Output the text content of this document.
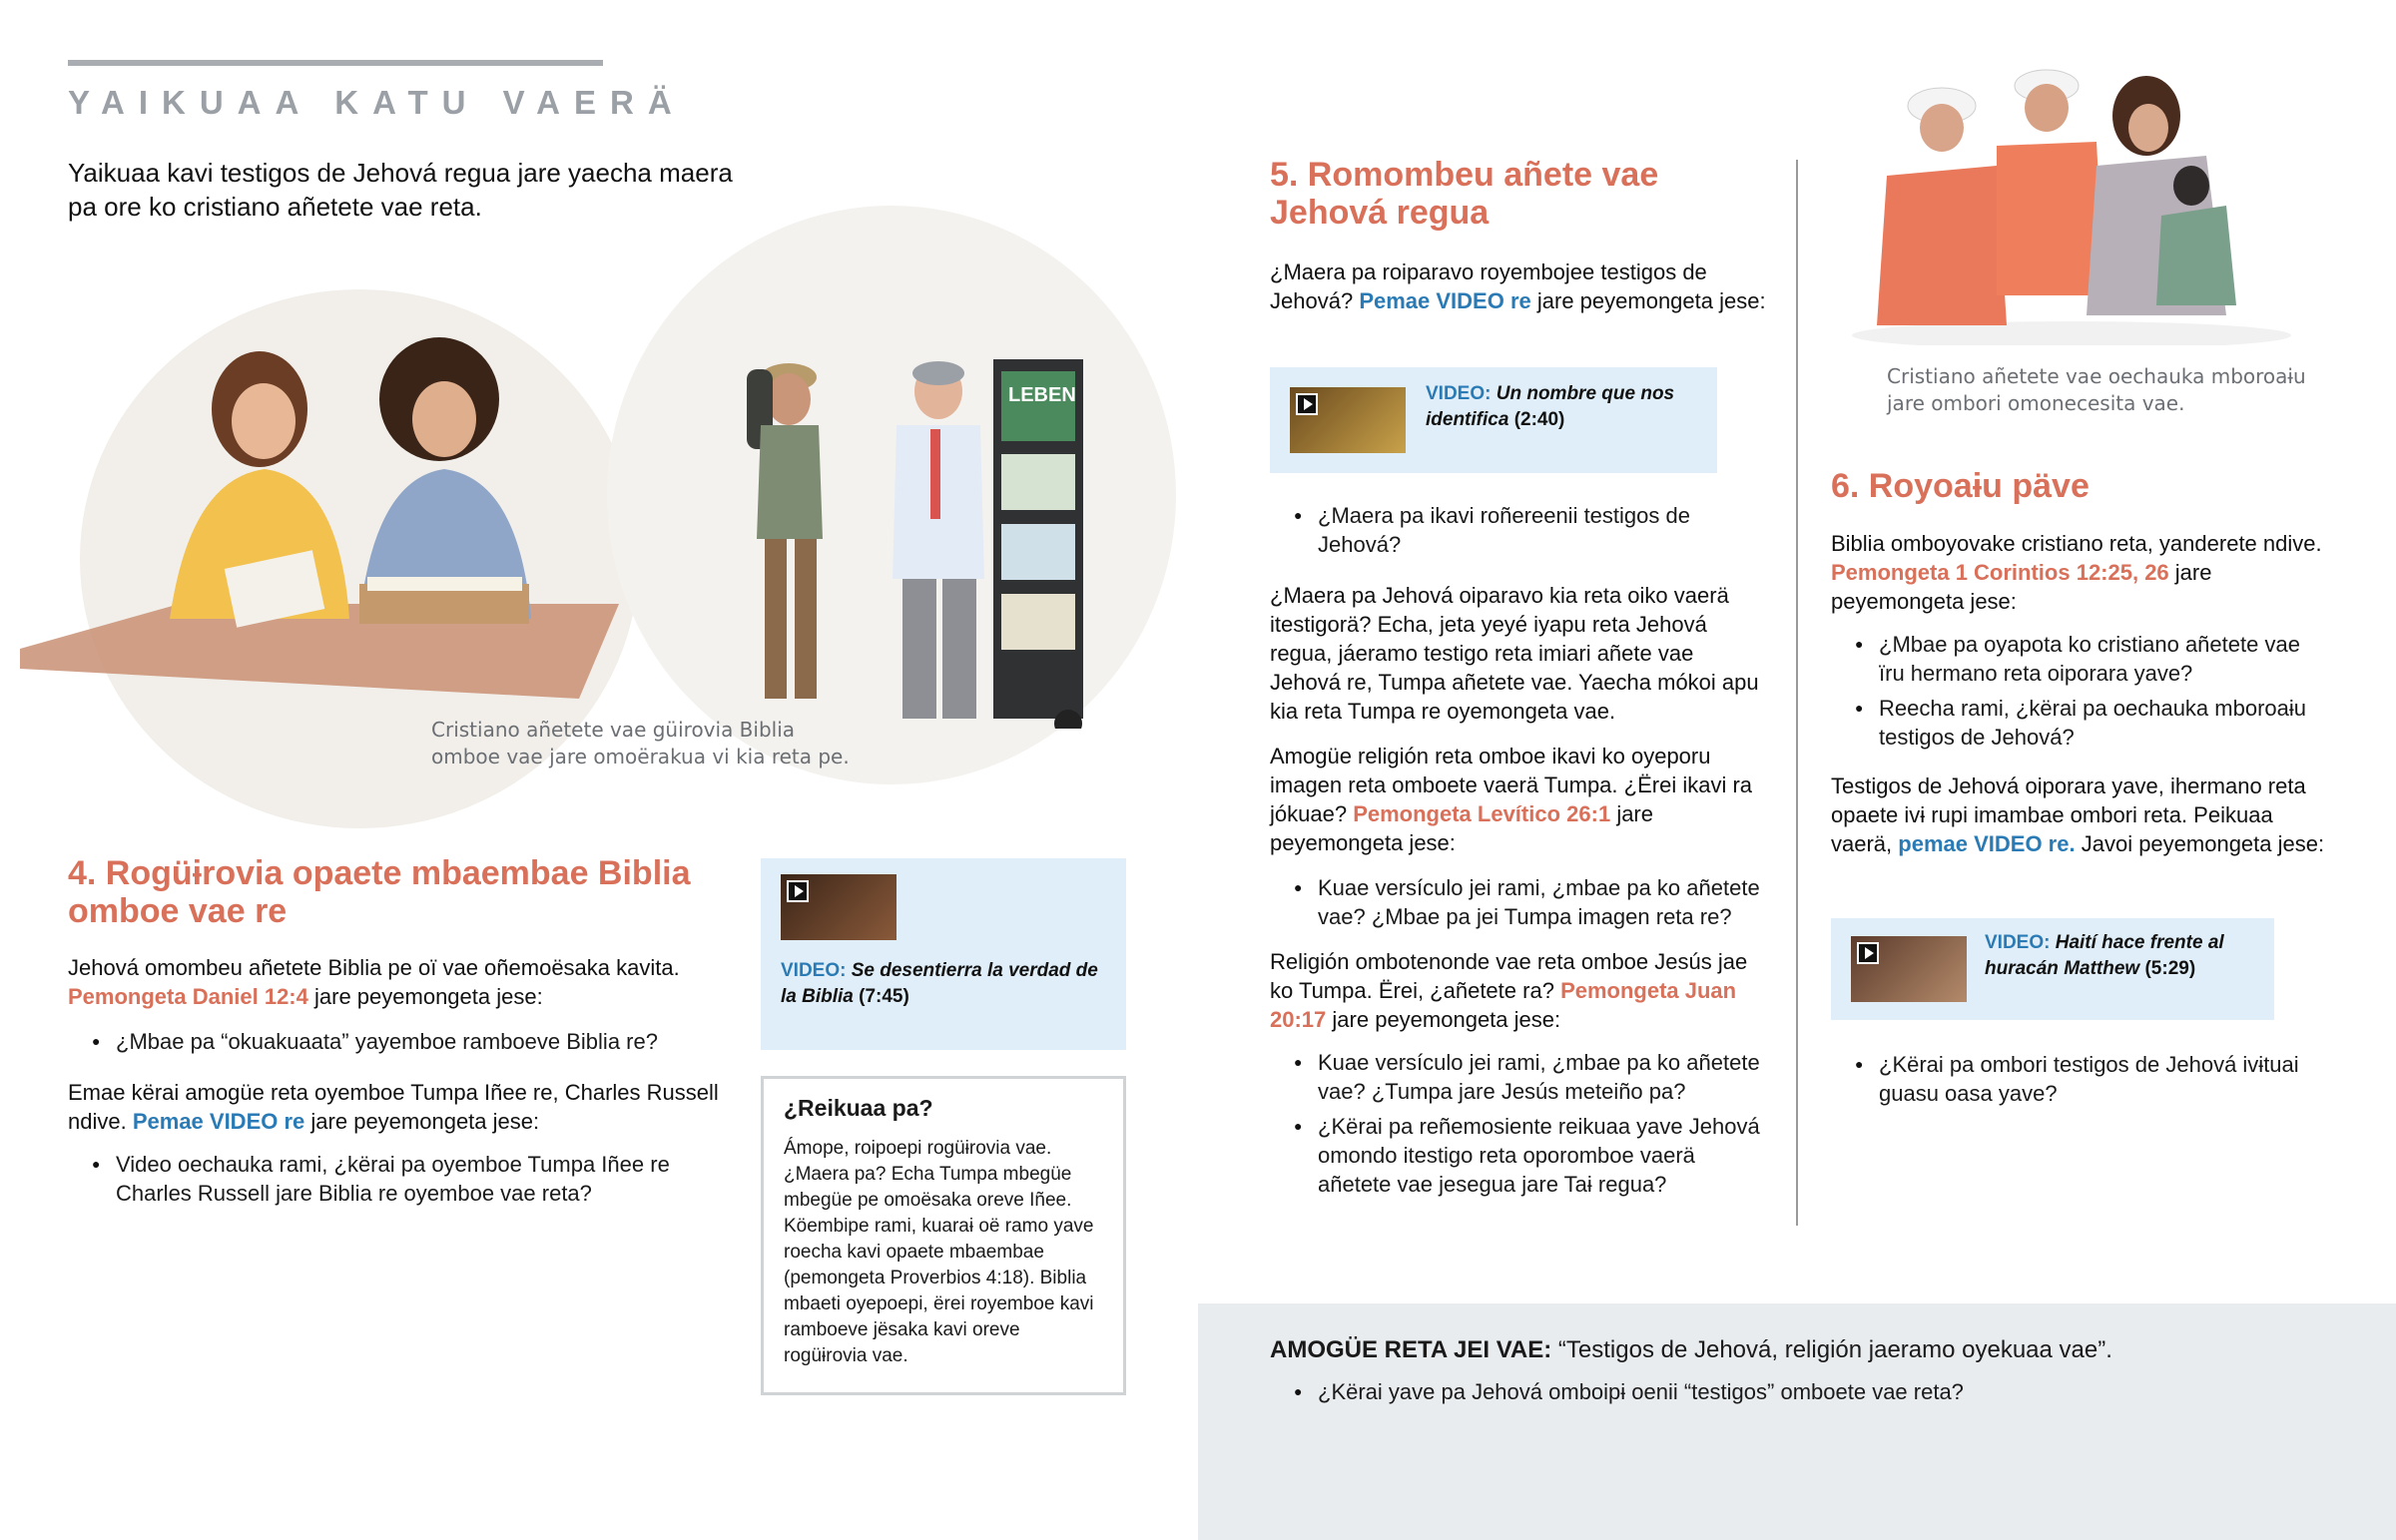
YAIKUAA KATU VAERÄ
Yaikuaa kavi testigos de Jehová regua jare yaecha maera pa ore ko cristiano añetete vae reta.
LEBEN
Cristiano añetete vae güirovia Biblia omboe vae jare omoërakua vi kia reta pe.
4. Rogüɨrovia opaete mbaembae Biblia omboe vae re

Jehová omombeu añetete Biblia pe oï vae oñemoësaka kavita. Pemongeta Daniel 12:4 jare peyemongeta jese:

● ¿Mbae pa “okuakuaata” yayemboe ramboeve Biblia re?

Emae kërai amogüe reta oyemboe Tumpa Iñee re, Charles Russell ndive. Pemae VIDEO re jare peyemongeta jese:

● Video oechauka rami, ¿kërai pa oyemboe Tumpa Iñee re Charles Russell jare Biblia re oyemboe vae reta?
VIDEO: Se desentierra la verdad de la Biblia (7:45)
¿Reikuaa pa?
Ámope, roipoepi rogüɨrovia vae. ¿Maera pa? Echa Tumpa mbegüe mbegüe pe omoësaka oreve Iñee. Köembipe rami, kuaraɨ oë ramo yave roecha kavi opaete mbaembae (pemongeta Proverbios 4:18). Biblia mbaeti oyepoepi, ërei royemboe kavi ramboeve jësaka kavi oreve rogüɨrovia vae.
5. Romombeu añete vae Jehová regua

¿Maera pa roiparavo royembojee testigos de Jehová? Pemae VIDEO re jare peyemongeta jese:

VIDEO: Un nombre que nos identifica (2:40)
● ¿Maera pa ikavi roñereenii testigos de Jehová?

¿Maera pa Jehová oiparavo kia reta oiko vaerä itestigorä? Echa, jeta yeyé iyapu reta Jehová regua, jáeramo testigo reta imiari añete vae Jehová re, Tumpa añetete vae. Yaecha mókoi apu kia reta Tumpa re oyemongeta vae.

Amogüe religión reta omboe ikavi ko oyeporu imagen reta omboete vaerä Tumpa. ¿Ërei ikavi ra jókuae? Pemongeta Levítico 26:1 jare peyemongeta jese:

● Kuae versículo jei rami, ¿mbae pa ko añetete vae? ¿Mbae pa jei Tumpa imagen reta re?

Religión ombotenonde vae reta omboe Jesús jae ko Tumpa. Ërei, ¿añetete ra? Pemongeta Juan 20:17 jare peyemongeta jese:

● Kuae versículo jei rami, ¿mbae pa ko añetete vae? ¿Tumpa jare Jesús meteiño pa?
● ¿Kërai pa reñemosiente reikuaa yave Jehová omondo itestigo reta oporomboe vaerä añetete vae jesegua jare Taɨ regua?
Cristiano añetete vae oechauka mboroaɨu jare ombori omonecesita vae.
6. Royoaɨu päve

Biblia omboyovake cristiano reta, yanderete ndive. Pemongeta 1 Corintios 12:25, 26 jare peyemongeta jese:

● ¿Mbae pa oyapota ko cristiano añetete vae ïru hermano reta oiporara yave?
● Reecha rami, ¿kërai pa oechauka mboroaɨu testigos de Jehová?

Testigos de Jehová oiporara yave, ihermano reta opaete ivɨ rupi imambae ombori reta. Peikuaa vaerä, pemae VIDEO re. Javoi peyemongeta jese:

VIDEO: Haití hace frente al huracán Matthew (5:29)
● ¿Kërai pa ombori testigos de Jehová ivɨtuai guasu oasa yave?
AMOGÜE RETA JEI VAE: “Testigos de Jehová, religión jaeramo oyekuaa vae”.
● ¿Kërai yave pa Jehová omboipɨ oenii “testigos” omboete vae reta?
